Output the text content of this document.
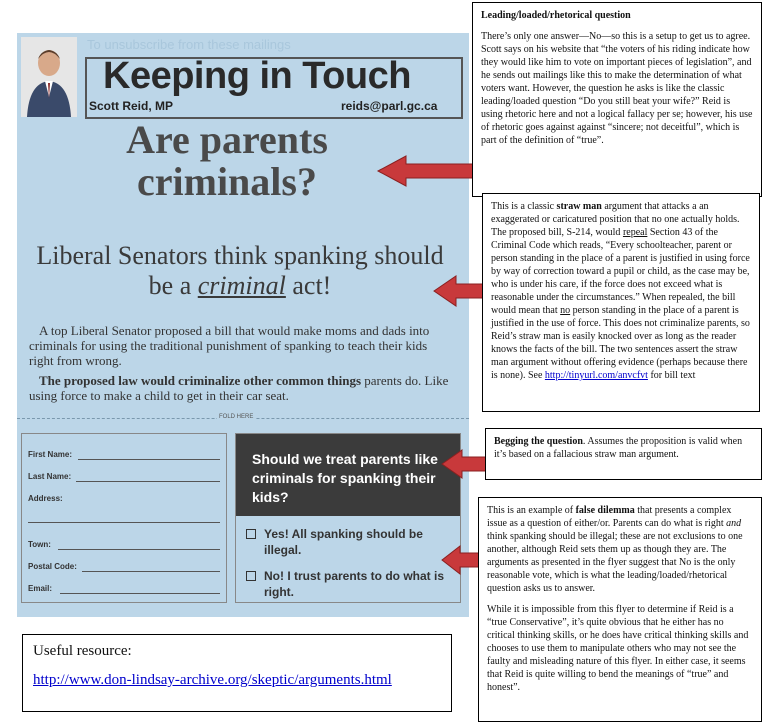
To unsubscribe from these mailings
Keeping in Touch
Scott Reid, MP	reids@parl.gc.ca
Are parents criminals?
Liberal Senators think spanking should be a criminal act!
A top Liberal Senator proposed a bill that would make moms and dads into criminals for using the traditional punishment of spanking to teach their kids right from wrong.
The proposed law would criminalize other common things parents do. Like using force to make a child to get in their car seat.
FOLD HERE
First Name:
Last Name:
Address:
Town:
Postal Code:
Email:
Should we treat parents like criminals for spanking their kids?
Yes! All spanking should be illegal.
No! I trust parents to do what is right.

Leading/loaded/rhetorical question

There’s only one answer—No—so this is a setup to get us to agree. Scott says on his website that “the voters of his riding indicate how they would like him to vote on important pieces of legislation”, and he sends out mailings like this to make the determination of what voters want. However, the question he asks is like the classic leading/loaded question “Do you still beat your wife?” Reid is using rhetoric here and not a logical fallacy per se; however, his use of rhetoric goes against against “sincere; not deceitful”, which is part of the definition of “true”.

This is a classic straw man argument that attacks a an exaggerated or caricatured position that no one actually holds. The proposed bill, S-214, would repeal Section 43 of the Criminal Code which reads, “Every schoolteacher, parent or person standing in the place of a parent is justified in using force by way of correction toward a pupil or child, as the case may be, who is under his care, if the force does not exceed what is reasonable under the circumstances.” When repealed, the bill would mean that no person standing in the place of a parent is justified in the use of force. This does not criminalize parents, so Reid’s straw man is easily knocked over as long as the reader knows the facts of the bill. The two sentences assert the straw man argument without offering evidence (perhaps because there is none). See http://tinyurl.com/anvcfvt for bill text

Begging the question. Assumes the proposition is valid when it’s based on a fallacious straw man argument.

This is an example of false dilemma that presents a complex issue as a question of either/or. Parents can do what is right and think spanking should be illegal; these are not exclusions to one another, although Reid sets them up as though they are. The arguments as presented in the flyer suggest that No is the only reasonable vote, which is what the leading/loaded/rhetorical question asks us to answer.

While it is impossible from this flyer to determine if Reid is a “true Conservative”, it’s quite obvious that he either has no critical thinking skills, or he does have critical thinking skills and chooses to use them to manipulate others who may not see the faulty and misleading nature of this flyer. In either case, it seems that Reid is quite willing to bend the meanings of “true” and honest”.

Useful resource:
http://www.don-lindsay-archive.org/skeptic/arguments.html
